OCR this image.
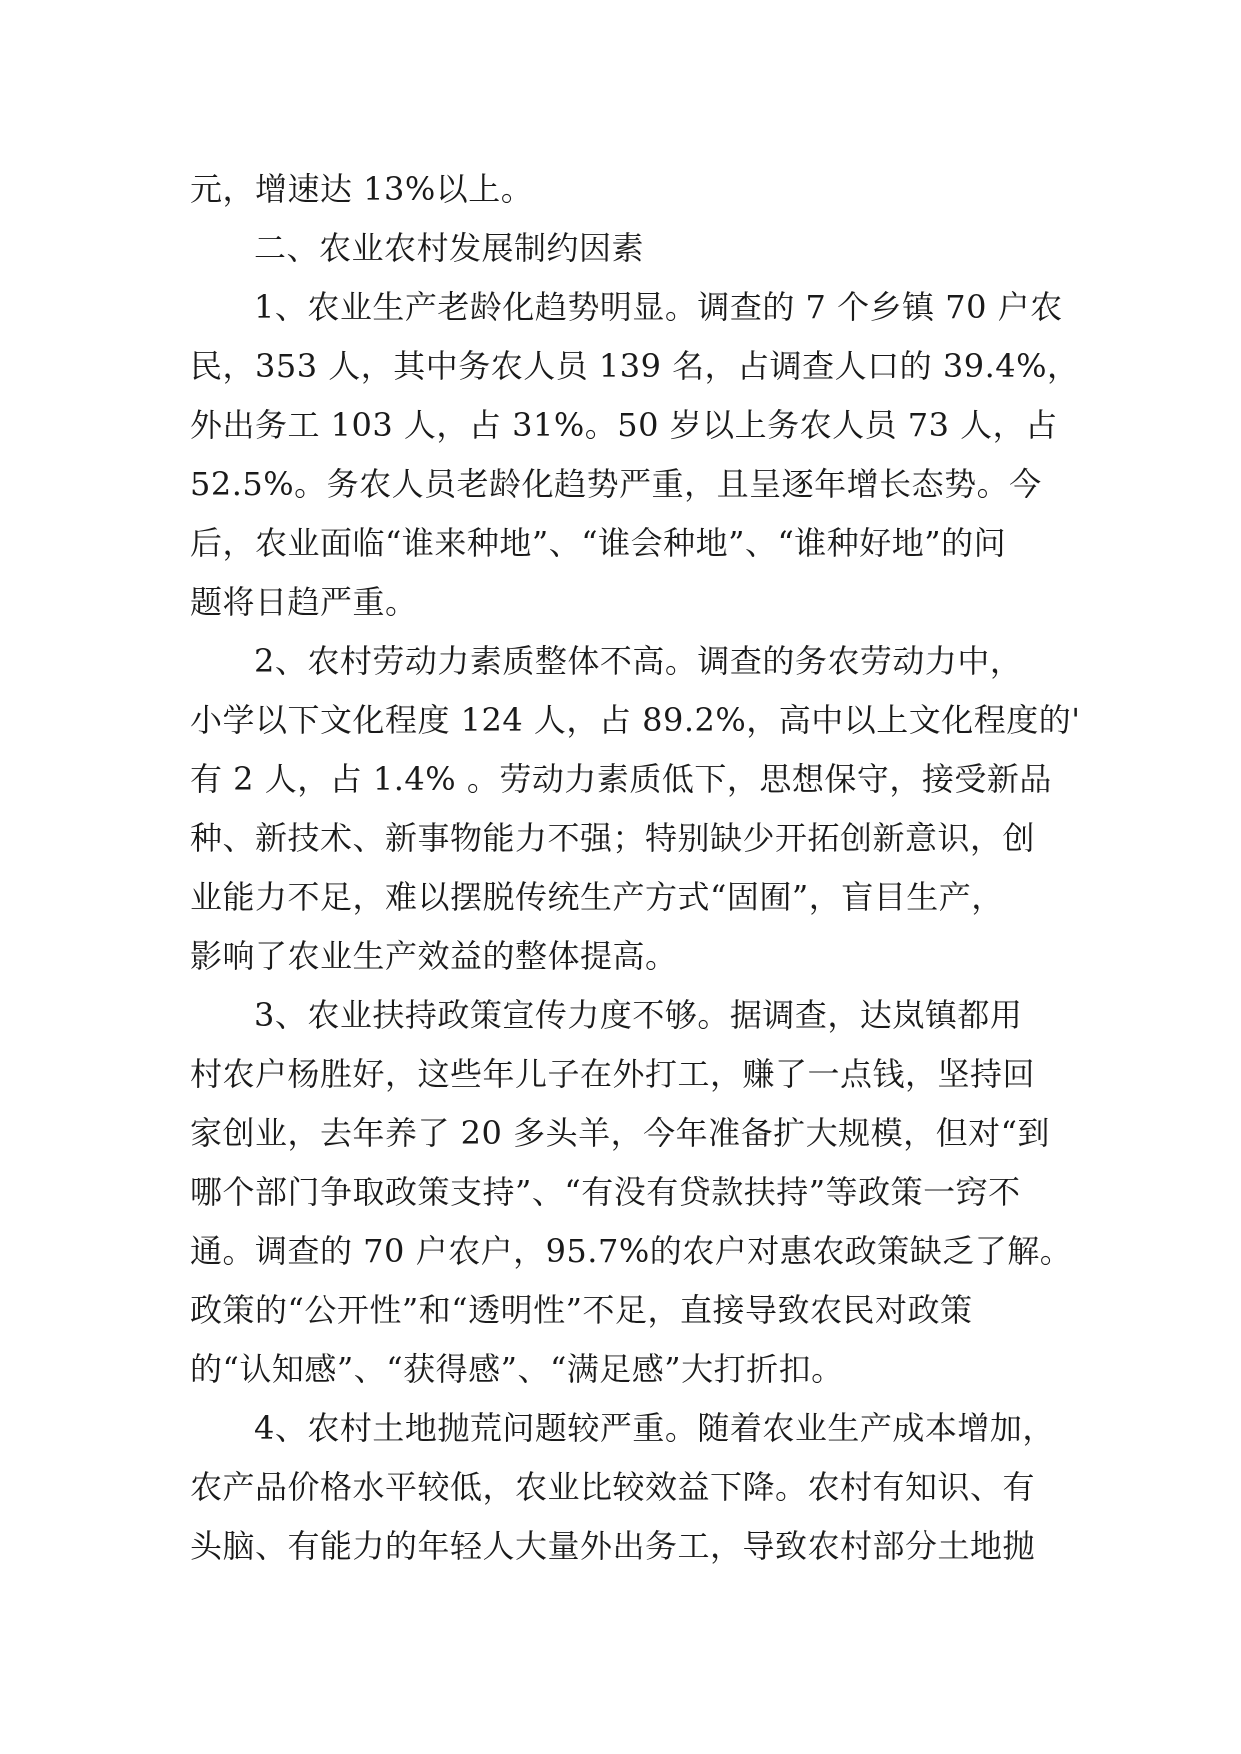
元，增速达 13%以上。
二、农业农村发展制约因素
1、农业生产老龄化趋势明显。调查的 7 个乡镇 70 户农
民，353 人，其中务农人员 139 名，占调查人口的 39.4%，
外出务工 103 人，占 31%。50 岁以上务农人员 73 人，占
52.5%。务农人员老龄化趋势严重，且呈逐年增长态势。今
后，农业面临“谁来种地”、“谁会种地”、“谁种好地”的问
题将日趋严重。
2、农村劳动力素质整体不高。调查的务农劳动力中，
小学以下文化程度 124 人，占 89.2%，高中以上文化程度的'
有 2 人，占 1.4% 。劳动力素质低下，思想保守，接受新品
种、新技术、新事物能力不强；特别缺少开拓创新意识，创
业能力不足，难以摆脱传统生产方式“固囿”，盲目生产，
影响了农业生产效益的整体提高。
3、农业扶持政策宣传力度不够。据调查，达岚镇都用
村农户杨胜好，这些年儿子在外打工，赚了一点钱，坚持回
家创业，去年养了 20 多头羊，今年准备扩大规模，但对“到
哪个部门争取政策支持”、“有没有贷款扶持”等政策一窍不
通。调查的 70 户农户，95.7%的农户对惠农政策缺乏了解。
政策的“公开性”和“透明性”不足，直接导致农民对政策
的“认知感”、“获得感”、“满足感”大打折扣。
4、农村土地抛荒问题较严重。随着农业生产成本增加，
农产品价格水平较低，农业比较效益下降。农村有知识、有
头脑、有能力的年轻人大量外出务工，导致农村部分土地抛
